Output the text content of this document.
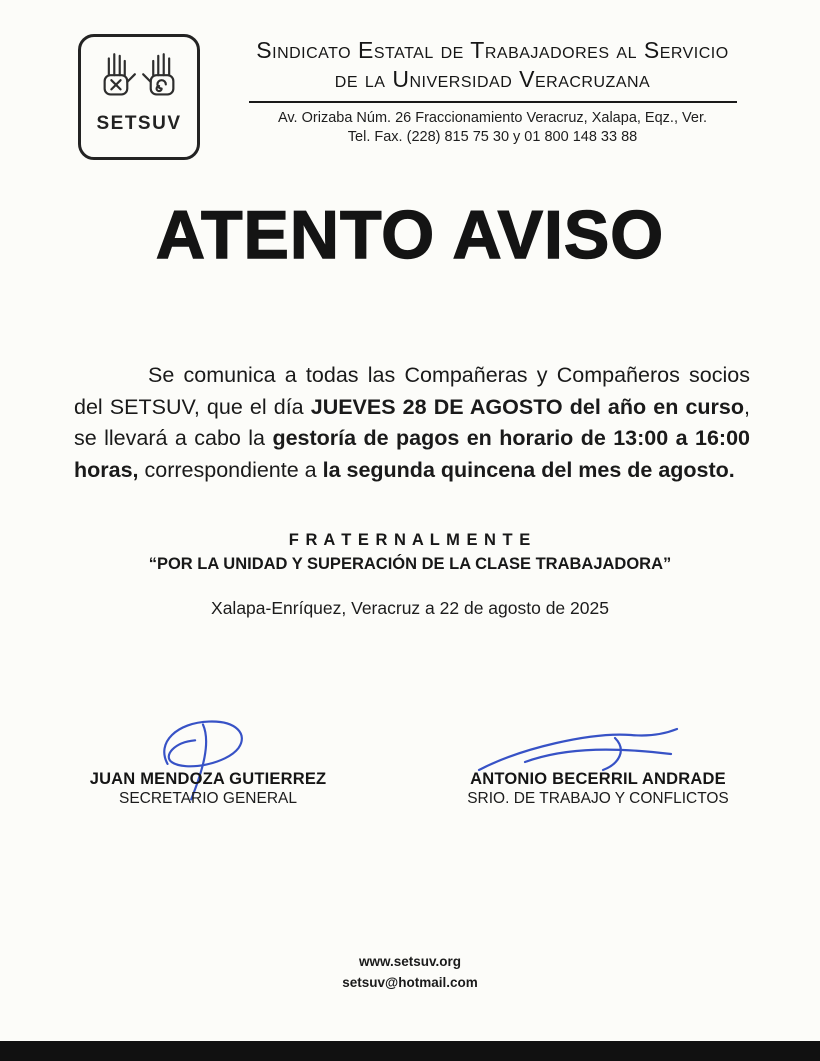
SETSUV
Sindicato Estatal de Trabajadores al Servicio
de la Universidad Veracruzana
Av. Orizaba Núm. 26 Fraccionamiento Veracruz, Xalapa, Eqz., Ver.
Tel. Fax. (228) 815 75 30 y 01 800 148 33 88
ATENTO AVISO

Se comunica a todas las Compañeras y Compañeros socios del SETSUV, que el día JUEVES 28 DE AGOSTO del año en curso, se llevará a cabo la gestoría de pagos en horario de 13:00 a 16:00 horas, correspondiente a la segunda quincena del mes de agosto.

F R A T E R N A L M E N T E
“POR LA UNIDAD Y SUPERACIÓN DE LA CLASE TRABAJADORA”
Xalapa-Enríquez, Veracruz a 22 de agosto de 2025
JUAN MENDOZA GUTIERREZ
SECRETARIO GENERAL
ANTONIO BECERRIL ANDRADE
SRIO. DE TRABAJO Y CONFLICTOS
www.setsuv.org
setsuv@hotmail.com
